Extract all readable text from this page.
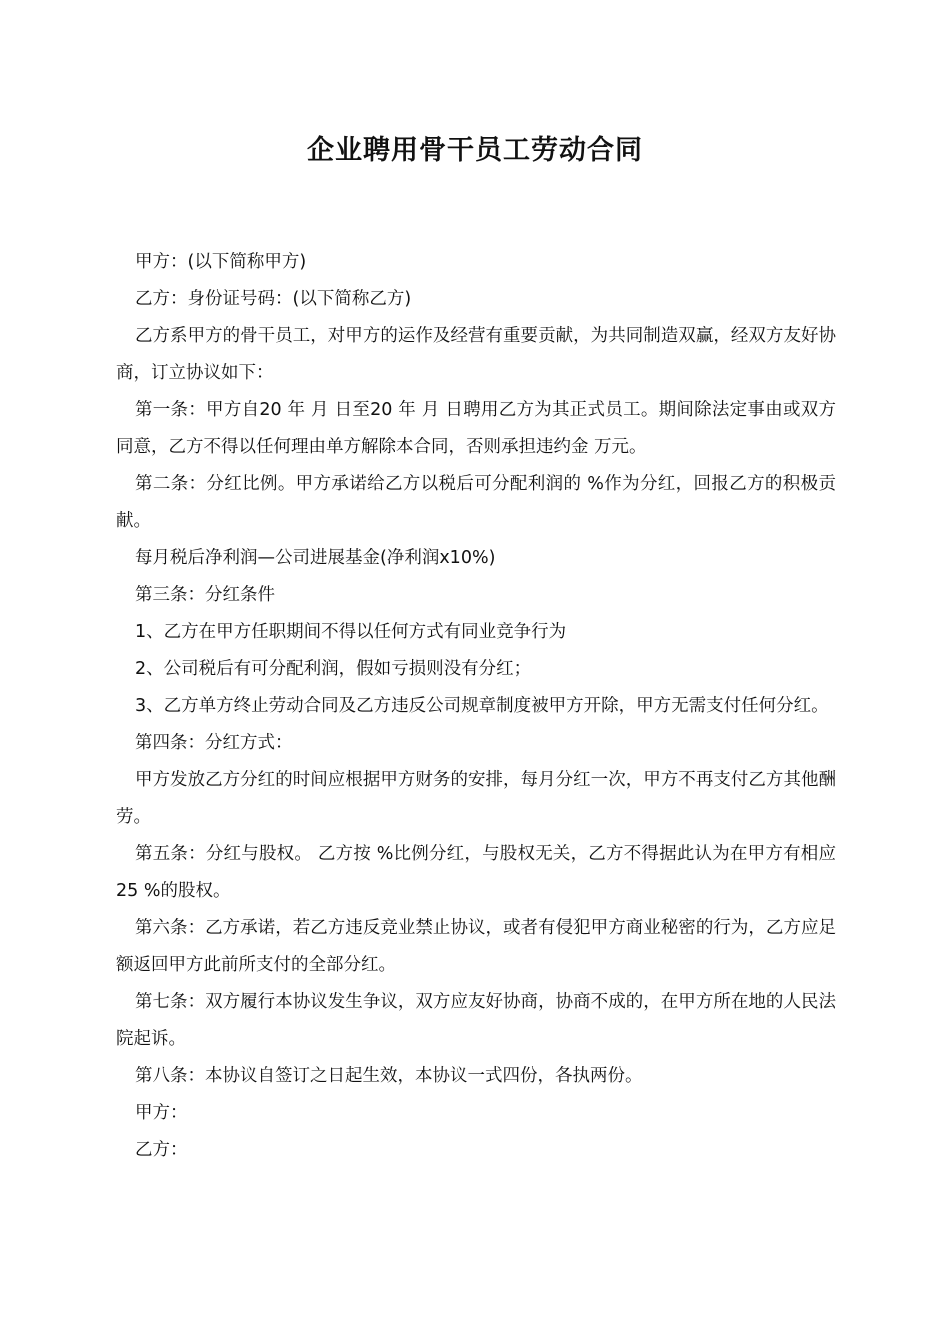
企业聘用骨干员工劳动合同

甲方：(以下简称甲方)

乙方：身份证号码：(以下简称乙方)

乙方系甲方的骨干员工，对甲方的运作及经营有重要贡献，为共同制造双赢，经双方友好协商，订立协议如下：

第一条：甲方自20 年 月 日至20 年 月 日聘用乙方为其正式员工。期间除法定事由或双方同意，乙方不得以任何理由单方解除本合同，否则承担违约金 万元。

第二条：分红比例。甲方承诺给乙方以税后可分配利润的 %作为分红，回报乙方的积极贡献。

每月税后净利润—公司进展基金(净利润x10%)

第三条：分红条件

1、乙方在甲方任职期间不得以任何方式有同业竞争行为

2、公司税后有可分配利润，假如亏损则没有分红；

3、乙方单方终止劳动合同及乙方违反公司规章制度被甲方开除，甲方无需支付任何分红。

第四条：分红方式：

甲方发放乙方分红的时间应根据甲方财务的安排，每月分红一次，甲方不再支付乙方其他酬劳。

第五条：分红与股权。 乙方按 %比例分红，与股权无关，乙方不得据此认为在甲方有相应25 %的股权。

第六条：乙方承诺，若乙方违反竞业禁止协议，或者有侵犯甲方商业秘密的行为，乙方应足额返回甲方此前所支付的全部分红。

第七条：双方履行本协议发生争议，双方应友好协商，协商不成的，在甲方所在地的人民法院起诉。

第八条：本协议自签订之日起生效，本协议一式四份，各执两份。

甲方：

乙方：
